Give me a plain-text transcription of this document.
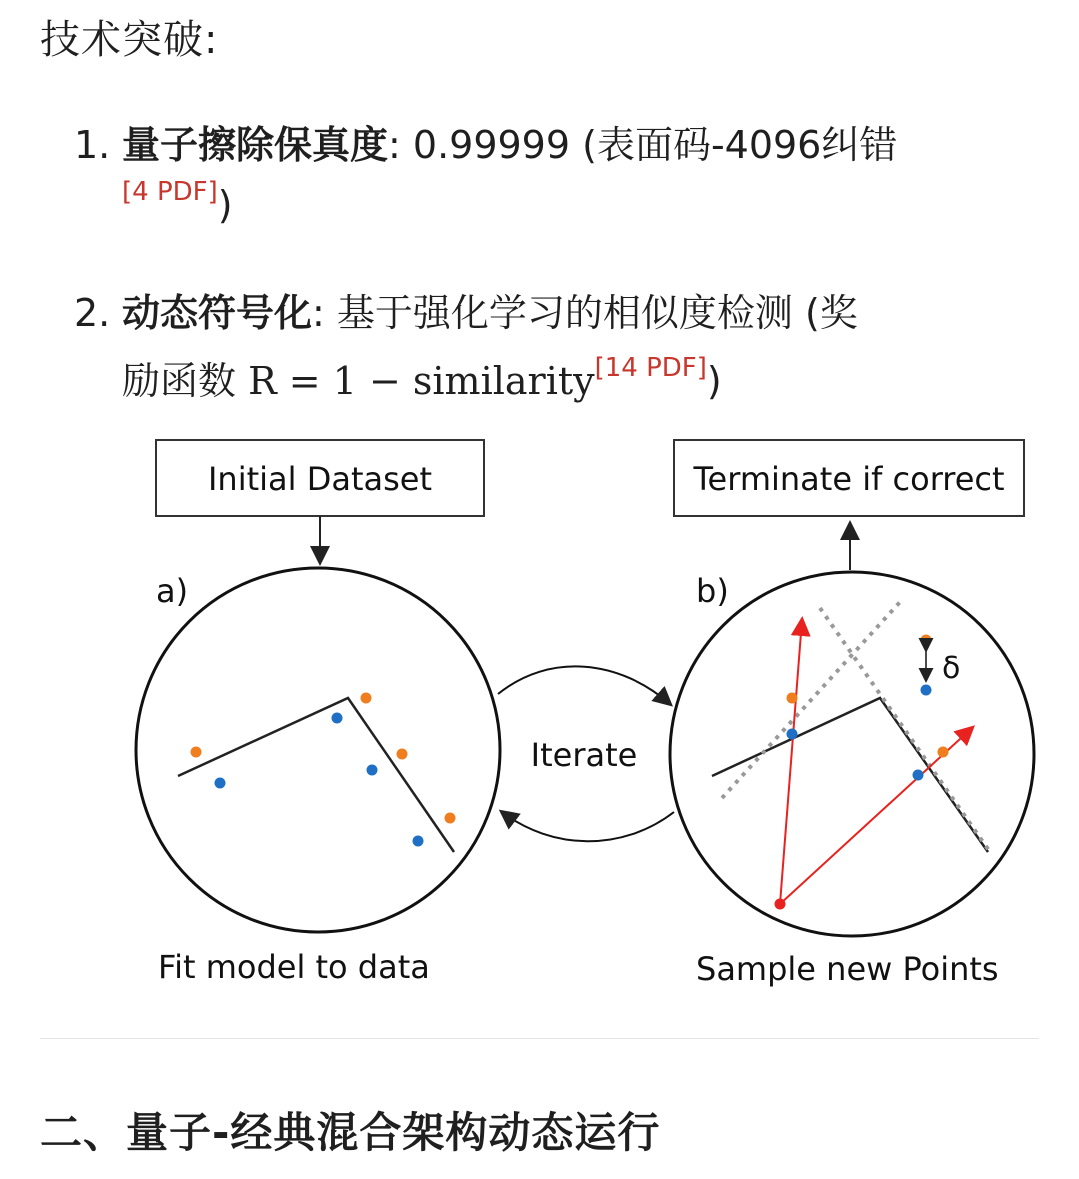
技术突破:
1. 量子擦除保真度: 0.99999 (表面码-4096纠错
[4 PDF])
2. 动态符号化: 基于强化学习的相似度检测 (奖
励函数 R = 1 − similarity[14 PDF])
Initial Dataset	Terminate if correct
a)
Iterate
b)
δ
Fit model to data	Sample new Points
二、量子-经典混合架构动态运行
